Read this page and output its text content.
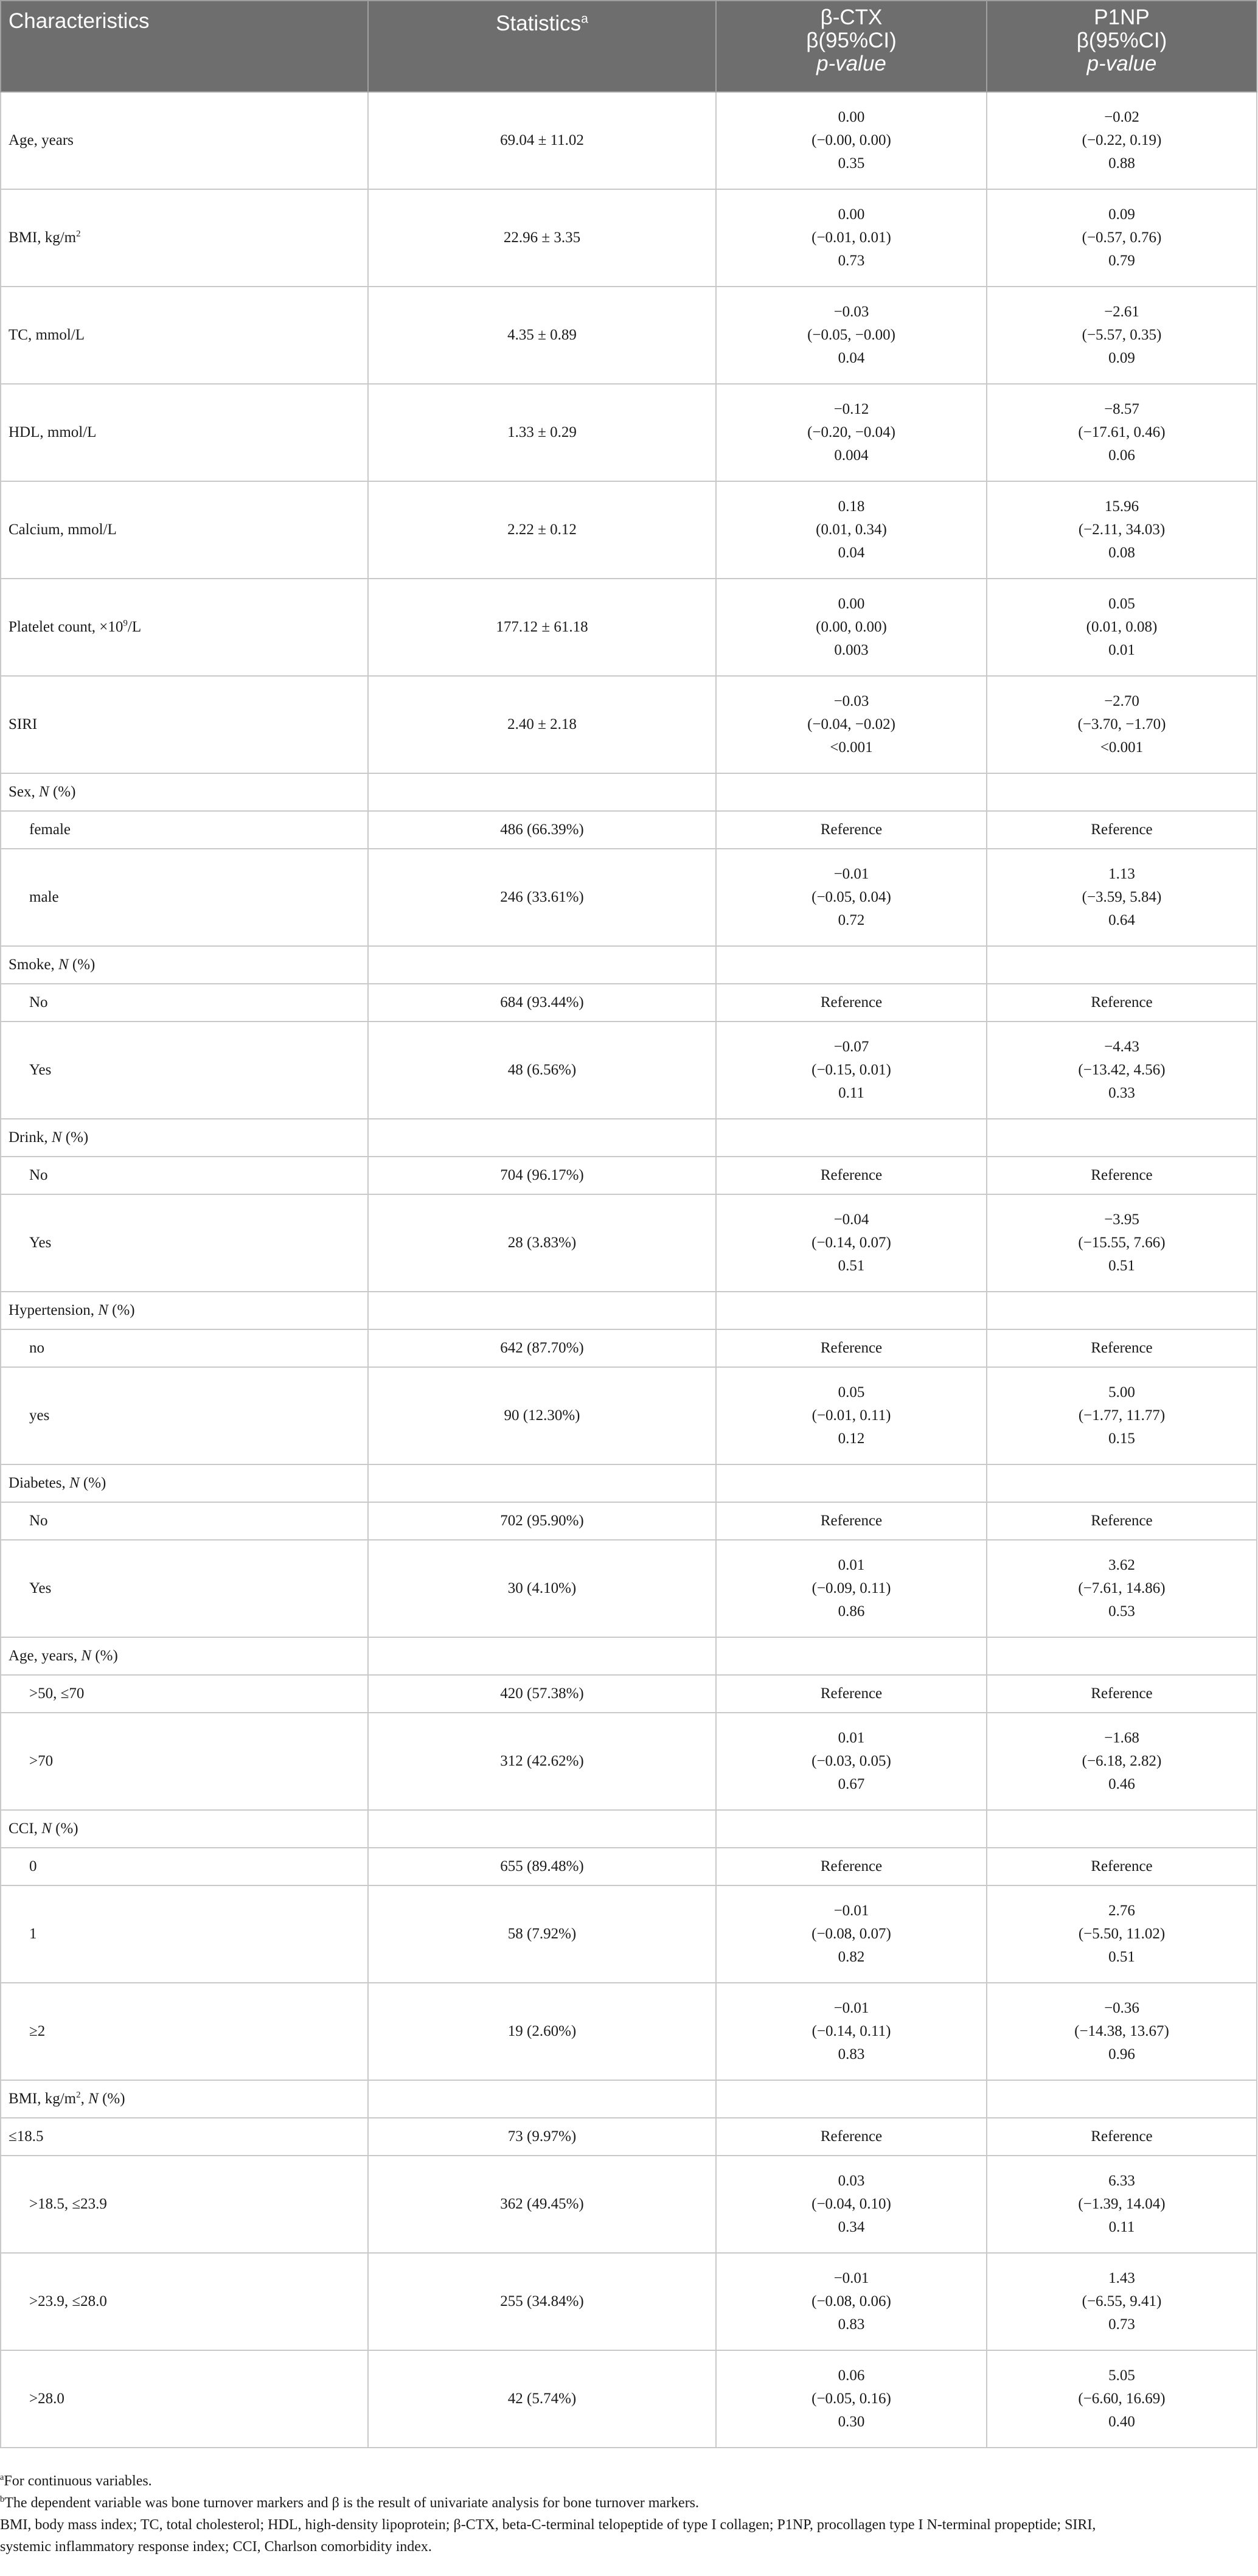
Characteristics	Statistics$^a$	β-CTX
β(95%CI)
p-value	P1NP
β(95%CI)
p-value

Age, years	69.04 ± 11.02	0.00
(−0.00, 0.00)
0.35	−0.02
(−0.22, 0.19)
0.88

BMI, $kg/m^2$	22.96 ± 3.35	0.00
(−0.01, 0.01)
0.73	0.09
(−0.57, 0.76)
0.79

TC, mmol/L	4.35 ± 0.89	−0.03
(−0.05, −0.00)
0.04	−2.61
(−5.57, 0.35)
0.09

HDL, mmol/L	1.33 ± 0.29	−0.12
(−0.20, −0.04)
0.004	−8.57
(−17.61, 0.46)
0.06

Calcium, mmol/L	2.22 ± 0.12	0.18
(0.01, 0.34)
0.04	15.96
(−2.11, 34.03)
0.08

Platelet count, $\times 10^9/L$	177.12 ± 61.18	0.00
(0.00, 0.00)
0.003	0.05
(0.01, 0.08)
0.01

SIRI	2.40 ± 2.18	−0.03
(−0.04, −0.02)
<0.001	−2.70
(−3.70, −1.70)
<0.001

Sex, N (%)			
female	486 (66.39%)	Reference	Reference

male	246 (33.61%)	−0.01
(−0.05, 0.04)
0.72	1.13
(−3.59, 5.84)
0.64

Smoke, N (%)			
No	684 (93.44%)	Reference	Reference

Yes	48 (6.56%)	−0.07
(−0.15, 0.01)
0.11	−4.43
(−13.42, 4.56)
0.33

Drink, N (%)			
No	704 (96.17%)	Reference	Reference

Yes	28 (3.83%)	−0.04
(−0.14, 0.07)
0.51	−3.95
(−15.55, 7.66)
0.51

Hypertension, N (%)			
no	642 (87.70%)	Reference	Reference

yes	90 (12.30%)	0.05
(−0.01, 0.11)
0.12	5.00
(−1.77, 11.77)
0.15

Diabetes, N (%)			
No	702 (95.90%)	Reference	Reference

Yes	30 (4.10%)	0.01
(−0.09, 0.11)
0.86	3.62
(−7.61, 14.86)
0.53

Age, years, N (%)			
>50, ≤70	420 (57.38%)	Reference	Reference

>70	312 (42.62%)	0.01
(−0.03, 0.05)
0.67	−1.68
(−6.18, 2.82)
0.46

CCI, N (%)			
0	655 (89.48%)	Reference	Reference

1	58 (7.92%)	−0.01
(−0.08, 0.07)
0.82	2.76
(−5.50, 11.02)
0.51

≥2	19 (2.60%)	−0.01
(−0.14, 0.11)
0.83	−0.36
(−14.38, 13.67)
0.96

BMI, $kg/m^2$, N (%)			
≤18.5	73 (9.97%)	Reference	Reference

>18.5, ≤23.9	362 (49.45%)	0.03
(−0.04, 0.10)
0.34	6.33
(−1.39, 14.04)
0.11

>23.9, ≤28.0	255 (34.84%)	−0.01
(−0.08, 0.06)
0.83	1.43
(−6.55, 9.41)
0.73

>28.0	42 (5.74%)	0.06
(−0.05, 0.16)
0.30	5.05
(−6.60, 16.69)
0.40

$^a$For continuous variables.

$^b$The dependent variable was bone turnover markers and β is the result of univariate analysis for bone turnover markers.

BMI, body mass index; TC, total cholesterol; HDL, high-density lipoprotein; β-CTX, beta-C-terminal telopeptide of type I collagen; P1NP, procollagen type I N-terminal propeptide; SIRI,

systemic inflammatory response index; CCI, Charlson comorbidity index.
